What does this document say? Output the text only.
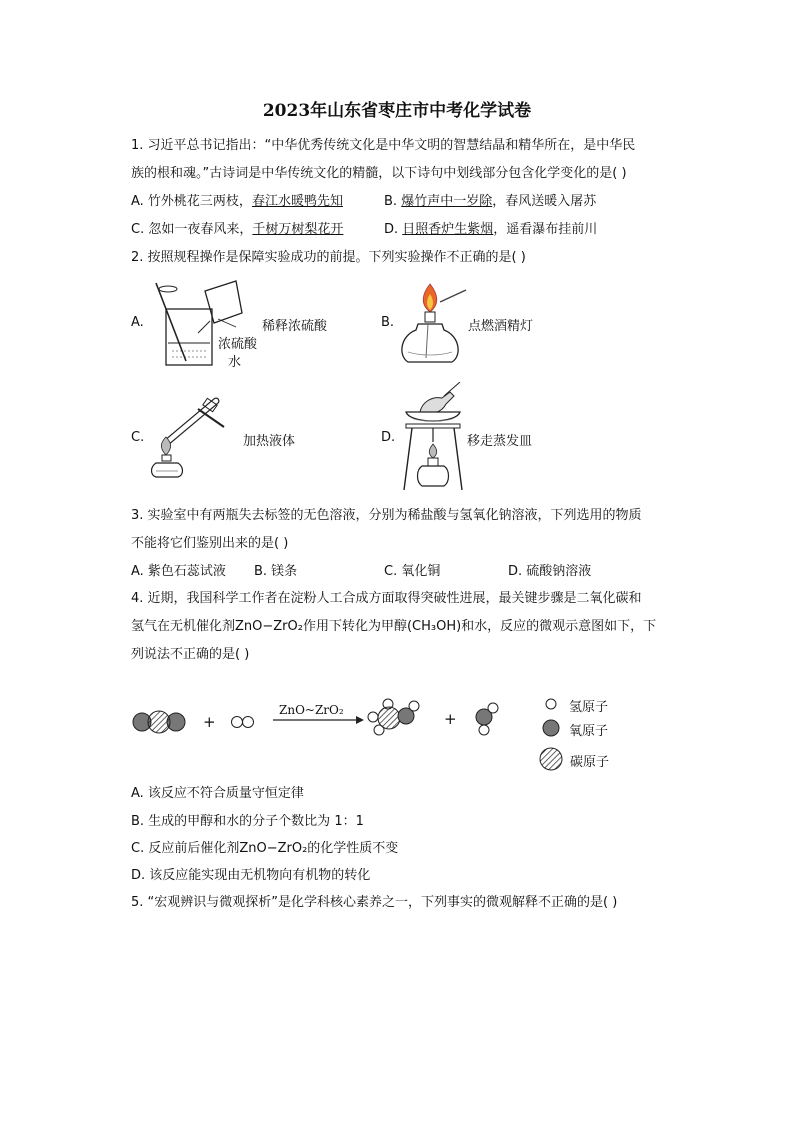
2023年山东省枣庄市中考化学试卷
1. 习近平总书记指出：“中华优秀传统文化是中华文明的智慧结晶和精华所在，是中华民
族的根和魂。”古诗词是中华传统文化的精髓，以下诗句中划线部分包含化学变化的是( )
A. 竹外桃花三两枝，春江水暖鸭先知	B. 爆竹声中一岁除，春风送暖入屠苏
C. 忽如一夜春风来，千树万树梨花开	D. 日照香炉生紫烟，遥看瀑布挂前川
2. 按照规程操作是保障实验成功的前提。下列实验操作不正确的是( )
A.	稀释浓硫酸
浓硫酸
水
B.	点燃酒精灯
C.	加热液体	D.	移走蒸发皿
3. 实验室中有两瓶失去标签的无色溶液，分别为稀盐酸与氢氧化钠溶液，下列选用的物质
不能将它们鉴别出来的是( )
A. 紫色石蕊试液 B. 镁条	C. 氧化铜	D. 硫酸钠溶液
4. 近期，我国科学工作者在淀粉人工合成方面取得突破性进展，最关键步骤是二氧化碳和
氢气在无机催化剂ZnO−ZrO₂作用下转化为甲醇(CH₃OH)和水，反应的微观示意图如下，下
列说法不正确的是( )
+	+
ZnO~ZrO₂	氢原子
氧原子
碳原子
A. 该反应不符合质量守恒定律
B. 生成的甲醇和水的分子个数比为 1：1
C. 反应前后催化剂ZnO−ZrO₂的化学性质不变
D. 该反应能实现由无机物向有机物的转化
5. “宏观辨识与微观探析”是化学科核心素养之一，下列事实的微观解释不正确的是( )
